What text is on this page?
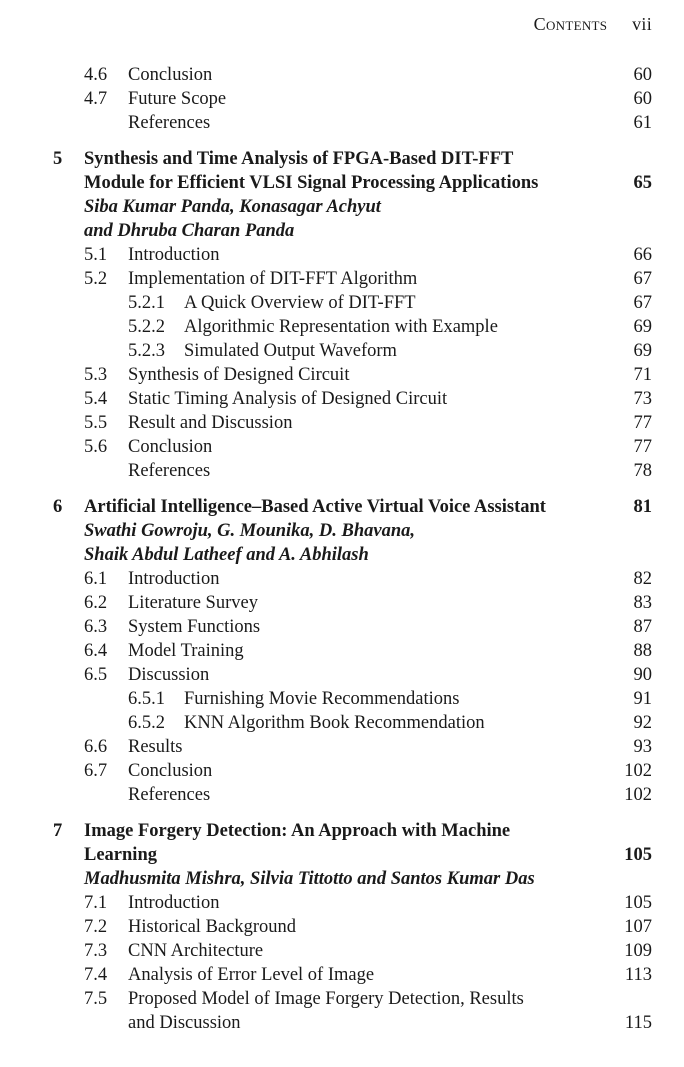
Contents vii
4.6 Conclusion	60
4.7 Future Scope	60
References	61
5 Synthesis and Time Analysis of FPGA-Based DIT-FFT
Module for Efficient VLSI Signal Processing Applications	65
Siba Kumar Panda, Konasagar Achyut
and Dhruba Charan Panda
5.1 Introduction	66
5.2 Implementation of DIT-FFT Algorithm	67
5.2.1 A Quick Overview of DIT-FFT	67
5.2.2 Algorithmic Representation with Example	69
5.2.3 Simulated Output Waveform	69
5.3 Synthesis of Designed Circuit	71
5.4 Static Timing Analysis of Designed Circuit	73
5.5 Result and Discussion	77
5.6 Conclusion	77
References	78
6 Artificial Intelligence–Based Active Virtual Voice Assistant	81
Swathi Gowroju, G. Mounika, D. Bhavana,
Shaik Abdul Latheef and A. Abhilash
6.1 Introduction	82
6.2 Literature Survey	83
6.3 System Functions	87
6.4 Model Training	88
6.5 Discussion	90
6.5.1 Furnishing Movie Recommendations	91
6.5.2 KNN Algorithm Book Recommendation	92
6.6 Results	93
6.7 Conclusion	102
References	102
7 Image Forgery Detection: An Approach with Machine
Learning	105
Madhusmita Mishra, Silvia Tittotto and Santos Kumar Das
7.1 Introduction	105
7.2 Historical Background	107
7.3 CNN Architecture	109
7.4 Analysis of Error Level of Image	113
7.5 Proposed Model of Image Forgery Detection, Results
and Discussion	115
